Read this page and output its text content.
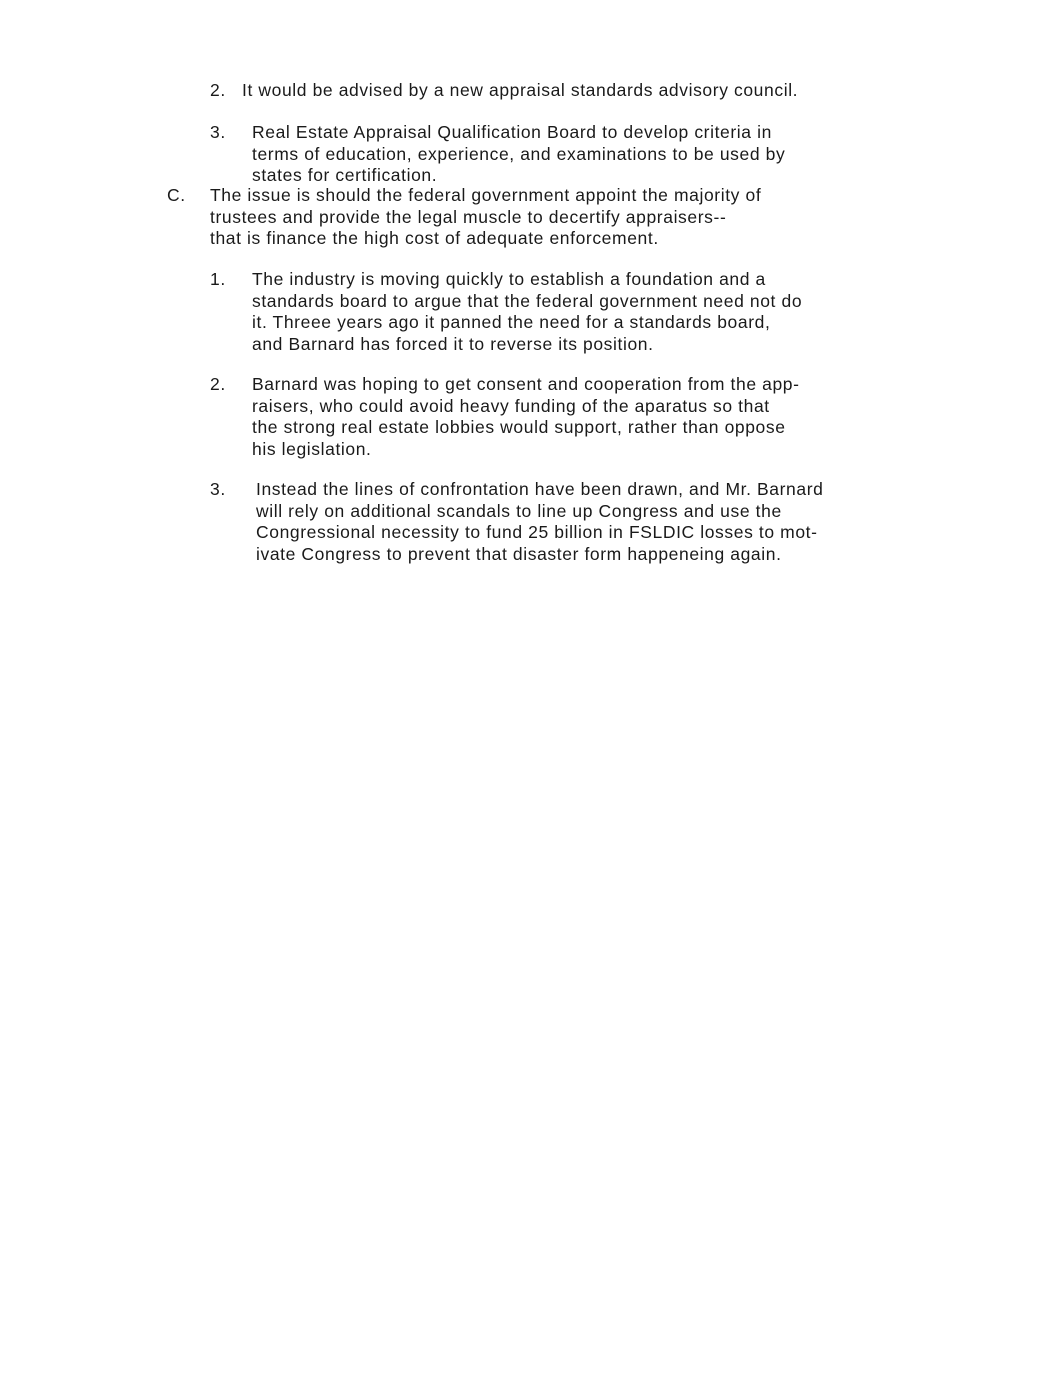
2. It would be advised by a new appraisal standards advisory council.
3.	Real Estate Appraisal Qualification Board to develop criteria in
terms of education, experience, and examinations to be used by
states for certification.
C.	The issue is should the federal government appoint the majority of
trustees and provide the legal muscle to decertify appraisers--
that is finance the high cost of adequate enforcement.
1.	The industry is moving quickly to establish a foundation and a
standards board to argue that the federal government need not do
it. Threee years ago it panned the need for a standards board,
and Barnard has forced it to reverse its position.
2.	Barnard was hoping to get consent and cooperation from the app-
raisers, who could avoid heavy funding of the aparatus so that
the strong real estate lobbies would support, rather than oppose
his legislation.
3.	Instead the lines of confrontation have been drawn, and Mr. Barnard
will rely on additional scandals to line up Congress and use the
Congressional necessity to fund 25 billion in FSLDIC losses to mot-
ivate Congress to prevent that disaster form happeneing again.
